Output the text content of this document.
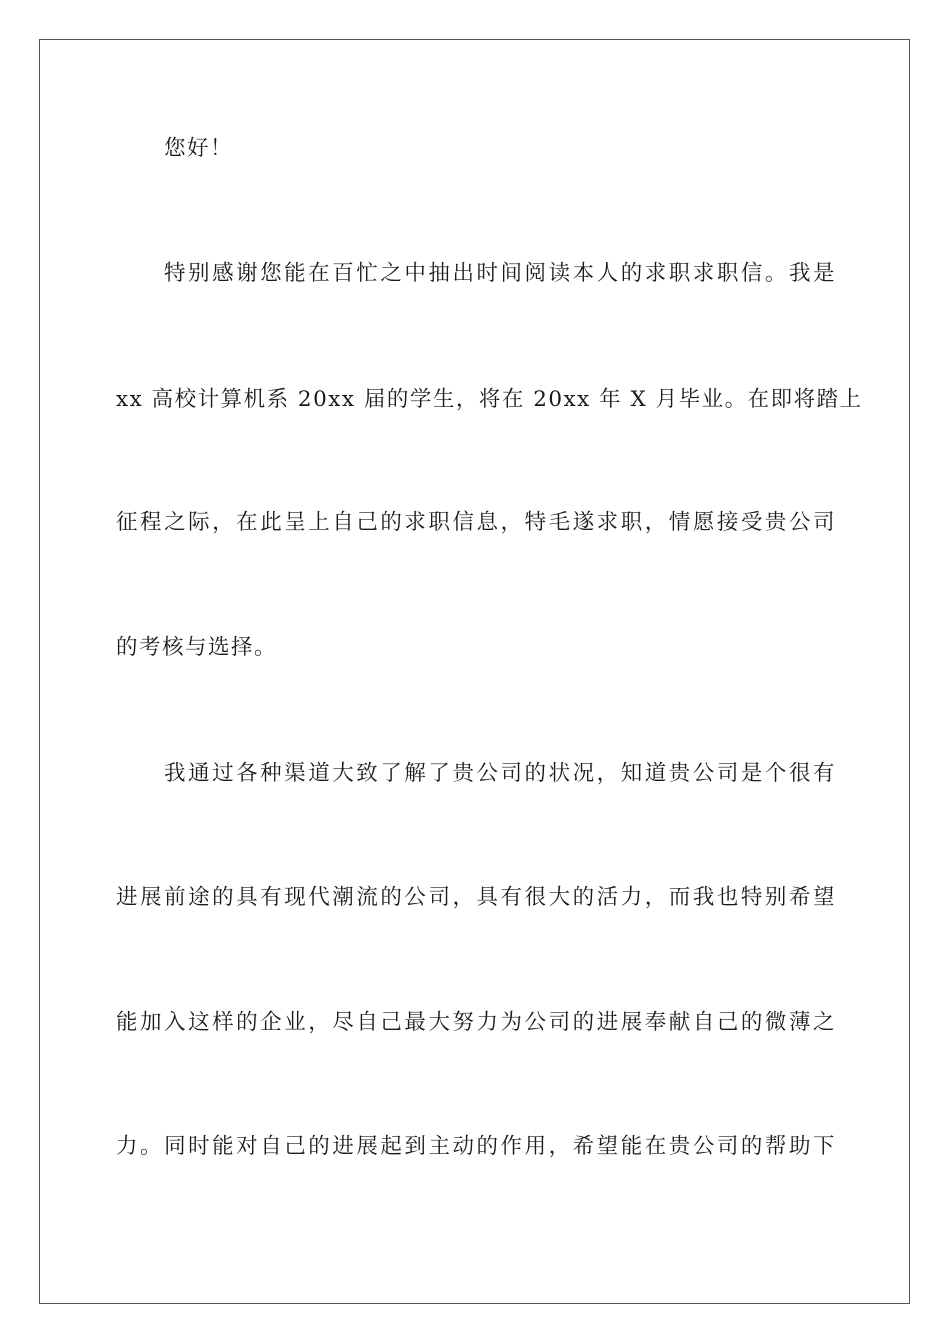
您好！
特别感谢您能在百忙之中抽出时间阅读本人的求职求职信。我是
xx 高校计算机系 20xx 届的学生，将在 20xx 年 X 月毕业。在即将踏上
征程之际，在此呈上自己的求职信息，特毛遂求职，情愿接受贵公司
的考核与选择。
我通过各种渠道大致了解了贵公司的状况，知道贵公司是个很有
进展前途的具有现代潮流的公司，具有很大的活力，而我也特别希望
能加入这样的企业，尽自己最大努力为公司的进展奉献自己的微薄之
力。同时能对自己的进展起到主动的作用，希望能在贵公司的帮助下
